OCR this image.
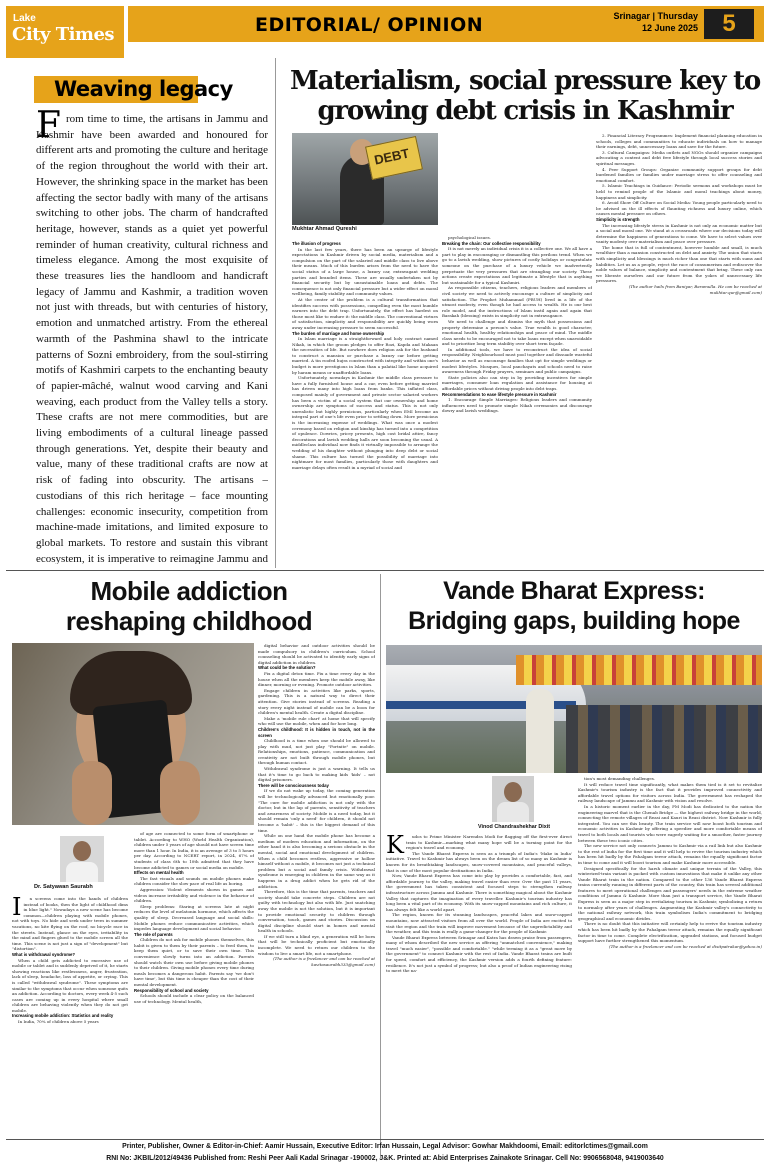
Lake
City Times	EDITORIAL/ OPINION	Srinagar | Thursday
12 June 2025	5
Weaving legacy
F rom time to time, the artisans in Jammu and Kashmir have been awarded and honoured for different arts and promoting the culture and heritage of the region throughout the world with their art. However, the shrinking space in the market has been affecting the sector badly with many of the artisans switching to other jobs. The charm of handcrafted heritage, however, stands as a quiet yet powerful reminder of human creativity, cultural richness and timeless elegance. Among the most exquisite of these treasures lies the handloom and handicraft legacy of Jammu and Kashmir, a tradition woven not just with threads, but with centuries of history, emotion and unmatched artistry. From the ethereal warmth of the Pashmina shawl to the intricate patterns of Sozni embroidery, from the soul-stirring motifs of Kashmiri carpets to the enchanting beauty of papier-mâché, walnut wood carving and Kani weaving, each product from the Valley tells a story. These crafts are not mere commodities, but are living embodiments of a cultural lineage passed through generations. Yet, despite their beauty and value, many of these traditional crafts are now at risk of fading into obscurity. The artisans – custodians of this rich heritage – face mounting challenges: economic insecurity, competition from machine-made imitations, and limited exposure to global markets. To restore and sustain this vibrant ecosystem, it is imperative to reimagine Jammu and
Materialism, social pressure key to
growing debt crisis in Kashmir
DEBT
Mukhtar Ahmad Qureshi

The illusion of progress

In the last few years, there has been an upsurge of lifestyle expectations in Kashmir driven by social media, materialism and a compulsion on the part of the salaried and middle class to live above their means. Much of this burden arises from the need to have the social status of a large house, a luxury car, extravagant wedding parties and branded items. These are usually undertaken not by financial security but by unsustainable loans and debts. The consequence is not only financial pressure but a wider effect on moral wellbeing, family stability and community values.

At the center of the problem is a cultural transformation that identifies success with possessions, compelling even the most humble earners into the debt trap. Unfortunately, the effect has hardest on those most like to endure it: the middle class. The conventional virtues of satisfaction, simplicity and responsibility are quickly being worn away under increasing pressure to seem successful.

The burden of marriage and home ownership

In Islam marriage is a straightforward and holy contract named Nikah, in which the groom pledges to offer Rozi, Kapda and Makaan the necessities of life. But nowhere does religion ask for the husband to construct a mansion or purchase a luxury car before getting married. A tin roofed hujra constructed with integrity and within one's budget is more prestigious in Islam than a palatial like home acquired by haram means or unaffordable loans.

Unfortunately, nowadays in Kashmir the middle class pressure to have a fully furnished house and a car, even before getting married has driven many into high loans from banks. This inflated class, composed mainly of government and private sector salaried workers has been a victim of a social system that our ownership and home ownership are symptoms of success and status. This is not only unrealistic but highly pernicious, particularly when EMI become an integral part of one's life even prior to settling down. More pernicious is the increasing expense of weddings. What was once a modest ceremony based on religion and kinship has turned into a competition of opulence. Dowries, pricey presents, high cost bridal attire, fancy decorations and lavish wedding halls are soon becoming the usual. A middleclass individual now finds it virtually impossible to arrange the wedding of his daughter without plunging into deep debt or social shame. This culture has turned the possibility of marriage into nightmare for most families, particularly those with daughters and marriage delays often result in a myriad of social and

psychological issues.

Breaking the chain: Our collective responsibility

It is not merely an individual crisis it is a collective one. We all have a part to play in encouraging or dismantling this perilous trend. When we go to a lavish wedding, show pictures of costly holidays or congratulate someone on the purchase of a luxury vehicle we inadvertently perpetuate the very pressures that are strangling our society. These actions create expectations and legitimate a lifestyle that is anything but sustainable for a typical Kashmiri.

As responsible citizens, teachers, religious leaders and members of civil society we need to actively encourage a culture of simplicity and satisfaction. The Prophet Muhammad (PBUH) lived in a life of the utmost modesty, even though he had access to wealth. He is our best role model, and the instructions of Islam instil again and again that Barakah (blessing) exists in simplicity not in extravagance.

We need to challenge and dismiss the myth that possessions and property determine a person's value. True wealth is good character, emotional health, healthy relationships and peace of mind. The middle class needs to be encouraged not to take loans except when unavoidable and to prioritize long term stability over short term façade.

In additional tools, we have to reconstruct the idea of social responsibility. Neighbourhood must pool together and dissuade wasteful behavior as well as encourage families that opt for simple weddings or modest lifestyles. Mosques, local panchayats and schools need to raise awareness through Friday prayers, seminars and public campaigns.

State policies also can step in by providing incentives for simple marriages, consumer loan regulation and assistance for housing at affordable prices without driving people into debt traps.

Recommendations to ease lifestyle pressure in Kashmir

1. Encourage Simple Marriages: Religious leaders and community influencers need to promote simple Nikah ceremonies and discourage dowry and lavish weddings.

2. Financial Literacy Programmes: Implement financial planning education in schools, colleges and communities to educate individuals on how to manage their earnings, debt, unnecessary loans and save for the future.

3. Cultural Campaigns: Media outlets and NGOs should organize campaigns advocating a content and debt free lifestyle through local success stories and spiritual messages.

4. Peer Support Groups: Organize community support groups for debt burdened families or families under marriage stress to offer counseling and emotional comfort.

5. Islamic Teachings in Guidance: Periodic sermons and workshops must be held to remind people of the Islamic and moral teachings about money, happiness and simplicity.

6. Avoid Show Off Culture on Social Media: Young people particularly need to be advised on the ill effects of flaunting richness and luxury online, which causes mental pressure on others.

Simplicity is strength

The increasing lifestyle stress in Kashmir is not only an economic matter but a social and moral one. We stand at a crossroads where our decisions today will determine the happiness of generations to come. We have to select values over vanity modesty over materialism and peace over pressure.

The home that is full of contentment, however humble and small, is much wealthier than a mansion constructed on debt and anxiety. The union that starts with simplicity and blessings is much richer than one that starts with sums and liabilities. Let us as a people, reject the race of consumerism and rediscover the noble values of balance, simplicity and contentment that bring. These only can we liberate ourselves and our future from the yokes of unnecessary life pressures.

(The author hails from Baniyar, Baramulla. He can be reached at mukhtar.qur@gmail.com)

Mobile addiction
reshaping childhood

digital behavior and outdoor activities should be made compulsory in children's curriculum. School counseling should be activated to identify early signs of digital addiction in children.

What could be the solution?

Fix a digital detox time. Fix a time every day in the house when all the members keep the mobile away, like dinner, morning or evening. Promote outdoor activities.

Engage children in activities like parks, sports, gardening. This is a natural way to direct their attention. Give stories instead of screens. Reading a story every night instead of mobile can be a boon for children's mental health. Create a digital discipline.

Make a 'mobile rule chart' at home that will specify who will use the mobile, when and for how long.

Children's childhood: It is hidden in touch, not in the screen

Childhood is a time when one should be allowed to play with mud, not just play "Fortnite" on mobile. Relationships, emotions, patience, communication and creativity are not built through mobile phones, but through human contact.

Withdrawal syndrome is just a warning. It tells us that it's time to go back to making kids 'kids' – not digital prisoners.

There will be consciousness today

If we do not wake up today, the coming generation will be technologically advanced but emotionally poor. "The cure for mobile addiction is not only with the doctor, but in the lap of parents, sensitivity of teachers and awareness of society. Mobile is a need today, but it should remain 'only a need' for children, it should not become a 'habit' – this is the biggest demand of this time.

While on one hand the mobile phone has become a medium of modern education and information, on the other hand it is also becoming a serious obstacle in the mental, social and emotional development of children. When a child becomes restless, aggressive or hollow himself without a mobile, it becomes not just a technical problem but a social and family crisis. Withdrawal syndrome is emerging in children in the same way as it happens in a drug addict when he gets rid of the addiction.

Therefore, this is the time that parents, teachers and society should take concrete steps. Children are not guilty with technology but also with life. Just snatching away the mobile is not the solution, but it is important to provide emotional security to children through conversation, touch, games and stories. Discussion on digital discipline should start in homes and mental health in schools.

If we still turn a blind eye, a generation will be born that will be technically proficient but emotionally incomplete. We need to return our children to the wisdom to live a smart life, not a smartphone.

(The author is a freelancer and can be reached at kavitasaurabh333@gmail.com)

Dr. Satyawan Saurabh

I	n screens come into the hands of children instead of books, then the light of childhood dims in blue light." Nowadays a new scene has become common—children playing with mobile phones, not with toys. No hide and seek under trees in summer vacations, no kite flying on the roof, no bicycle race in the streets. Instead, glance on the eyes, irritability in the mind and fingers glued to the mobile screen all the time. This scene is not just a sign of "development" but "distortion".

What is withdrawal syndrome?

When a child gets addicted to excessive use of mobile or tablet and is suddenly deprived of it, he starts showing reactions like restlessness, anger, frustration, lack of sleep, headache, loss of appetite, or crying. This is called "withdrawal syndrome". These symptoms are similar to the symptoms that occur when someone quits an addiction. According to doctors, every week 4-5 such cases are coming up in every hospital where small children are behaving violently when they do not get mobile.

Increasing mobile addiction: Statistics and reality

In India, 70% of children above 5 years

of age are connected to some form of smartphone or tablet. According to WHO (World Health Organization), children under 5 years of age should not have screen time more than 1 hour. In India, it is an average of 3 to 5 hours per day. According to NCERT report, in 2024, 67% of students of class 6th to 10th admitted that they have become addicted to games or social media on mobile.

Effects on mental health

The fast visuals and sounds on mobile phones make children consider the slow pace of real life as boring.

Aggression: Violent elements shown in games and videos increase irritability and violence in the behavior of children.

Sleep problems: Staring at screens late at night reduces the level of melatonin hormone, which affects the quality of sleep. Decreased language and social skills: Mobile phones reduce communicative activities, which impedes language development and social behavior.

The role of parents

Children do not ask for mobile phones themselves, this habit is given to them by their parents – to feed them, to keep them quiet, or to save their own time. This convenience slowly turns into an addiction. Parents should watch their own use before giving mobile phones to their children. Giving mobile phones every time during meals becomes a dangerous habit. Parents say 'we don't have time', but this time is cheaper than the cost of their mental development.

Responsibility of school and society

Schools should include a clear policy on the balanced use of technology. Mental health,

Vande Bharat Express:
Bridging gaps, building hope
Vinod Chandrashekhar Dixit

K	udos to Prime Minister Narendra Modi for flagging off the first-ever direct train to Kashmir—marking what many hope will be a turning point for the region's travel and economy.

The Vande Bharat Express is seen as a triumph of India's 'Make in India' initiative. Travel to Kashmir has always been on the dream list of so many as Kashmir is known for its breathtaking landscapes, snow-covered mountains, and peaceful valleys, that is one of the most popular destinations in India.

Now, Vande Bharat Express has come into play by provides a comfortable, fast, and affordable journey to the valley, making travel easier than ever. Over the past 11 years, the government has taken consistent and focused steps to strengthen railway infrastructure across Jammu and Kashmir. There is something magical about the Kashmir Valley that captures the imagination of every traveller. Kashmir's tourism industry has long been a vital part of its economy. With its snow-capped mountains and rich culture, it has always felt like a world apart.

The region, known for its stunning landscapes, peaceful lakes and snow-capped mountains, now attracted visitors from all over the world. People of India are excited to visit the region and the train will improve movement because of the unpredictability and the weather, and this train is really a game-changer for the people of Kashmir.

Vande Bharat Express between Srinagar and Katra has drawn praise from passengers, many of whom described the new service as offering "unmatched convenience," making travel "much easier", "possible and comfortable." "while terming it as a "great move by the government" to connect Kashmir with the rest of India. Vande Bharat trains are built for speed, comfort and efficiency, the Kashmir version adds a fourth defining feature: resilience. It's not just a symbol of progress; but also a proof of Indian engineering rising to meet the na-

tion's most demanding challenges.

It will reduce travel time significantly, what makes them tied is it set to revitalize Kashmir's tourism industry is the fact that it provides improved connectivity and affordable travel options for visitors across India. The government has reshaped the railway landscape of Jammu and Kashmir with vision and resolve.

In a historic moment earlier in the day, PM Modi has dedicated to the nation the engineering marvel that is the Chenab Bridge — the highest railway bridge in the world, connecting the remote villages of Reasi and Kauri in Reasi district. Now Kashmir is fully integrated. You can see this beauty. The train service will now boost both tourism and economic activities in Kashmir by offering a speedier and more comfortable means of travel to both locals and tourists who were eagerly waiting for a smoother, faster journey between these two iconic cities.

The new service not only connects Jammu to Kashmir via a rail link but also Kashmir to the rest of India for the first time and it will help to revive the tourism industry which has been hit badly by the Pahalgam terror attack, remains the equally significant factor in time to come and it will boost tourism and make Kashmir more accessible.

Designed specifically for the harsh climate and unique terrain of the Valley, this winterized-train variant is packed with custom innovations that make it unlike any other Vande Bharat train in the nation. Compared to the other 136 Vande Bharat Express trains currently running in different parts of the country, this train has several additional features to meet operational challenges and passengers' needs in the extreme weather conditions of Jammu & Kashmir. More than just a transport service, the Vande Bharat Express is seen as a major step in revitalizing tourism in Kashmir, symbolizing a return to normalcy after years of challenges. Augmenting the Kashmir valley's connectivity to the national railway network, this train symbolises India's commitment to bridging geographical and economic divides.

There is no doubt that this initiative will certainly help to revive the tourism industry which has been hit badly by the Pahalgam terror attack, remains the equally significant factor in time to come. Complete electrification, upgraded stations, and focused budget support have further strengthened this momentum.

(The author is a freelancer and can be reached at dixitpatrakar@yahoo.in)

Printer, Publisher, Owner & Editor-in-Chief: Aamir Hussain, Executive Editor: Irfan Hussain, Legal Advisor: Gowhar Makhdoomi, Email: editorlctimes@gmail.com
RNI No: JKBIL/2012/49436 Published from: Reshi Peer Aali Kadal Srinagar -190002, J&K. Printed at: Abid Enterprises Zainakote Srinagar. Cell No: 9906568048, 9419003640
